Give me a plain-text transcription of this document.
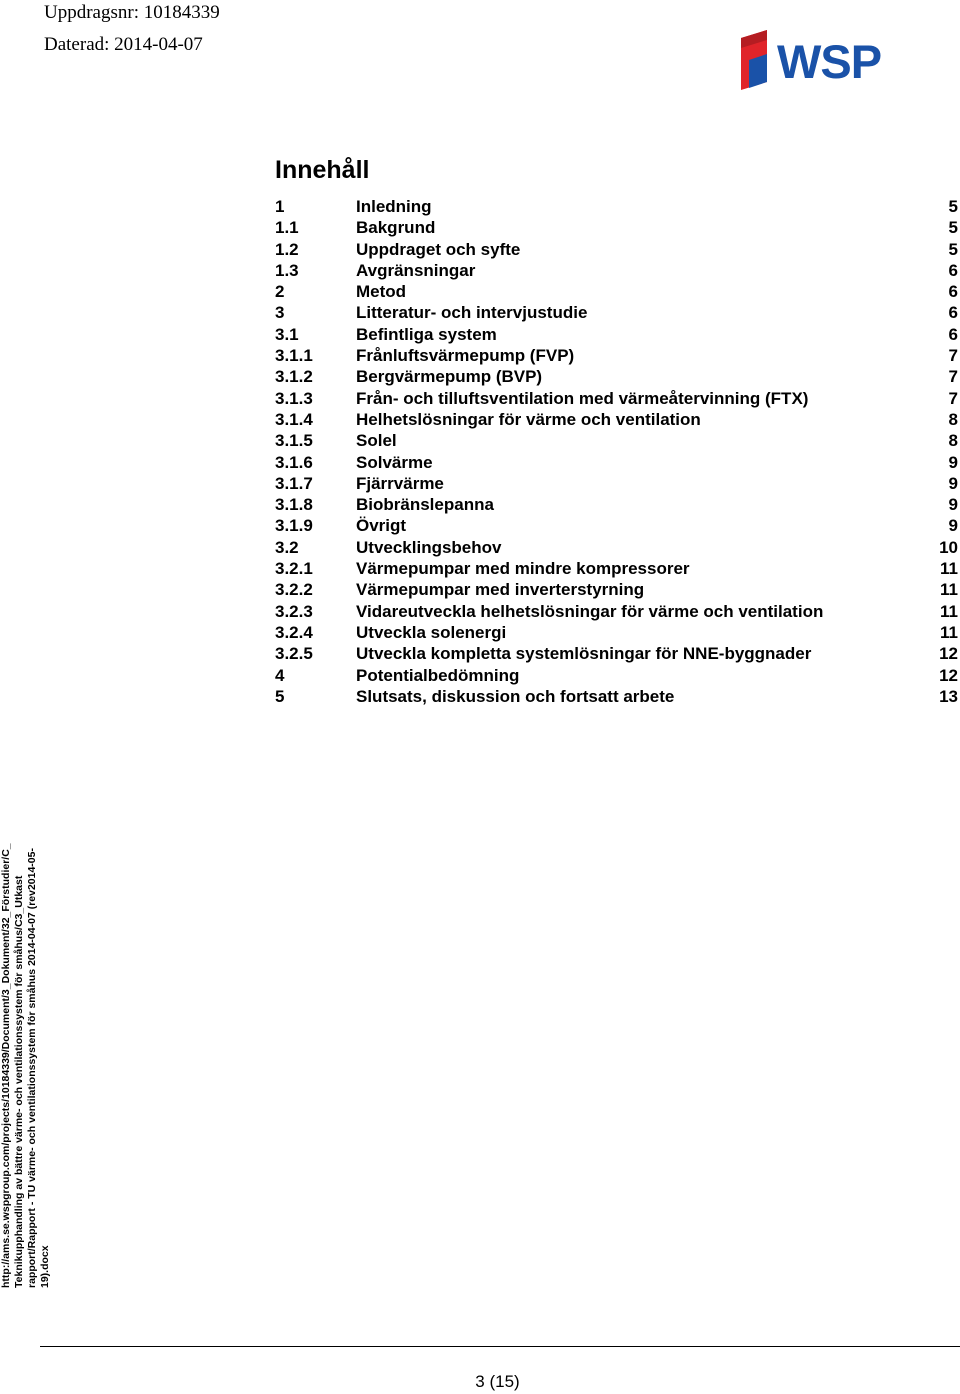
Uppdragsnr: 10184339
Daterad: 2014-04-07	WSP
Innehåll
1	Inledning	5
1.1	Bakgrund	5
1.2	Uppdraget och syfte	5
1.3	Avgränsningar	6
2	Metod	6
3	Litteratur- och intervjustudie	6
3.1	Befintliga system	6
3.1.1	Frånluftsvärmepump (FVP)	7
3.1.2	Bergvärmepump (BVP)	7
3.1.3	Från- och tilluftsventilation med värmeåtervinning (FTX)	7
3.1.4	Helhetslösningar för värme och ventilation	8
3.1.5	Solel	8
3.1.6	Solvärme	9
3.1.7	Fjärrvärme	9
3.1.8	Biobränslepanna	9
3.1.9	Övrigt	9
3.2	Utvecklingsbehov	10
3.2.1	Värmepumpar med mindre kompressorer	11
3.2.2	Värmepumpar med inverterstyrning	11
3.2.3	Vidareutveckla helhetslösningar för värme och ventilation	11
3.2.4	Utveckla solenergi	11
3.2.5	Utveckla kompletta systemlösningar för NNE-byggnader	12
4	Potentialbedömning	12
5	Slutsats, diskussion och fortsatt arbete	13
http://ams.se.wspgroup.com/projects/10184339/Document/3_Dokument/32_Förstudier/C_ Teknikupphandling av bättre värme- och ventilationssystem för småhus/C3_Utkast rapport/Rapport - TU värme- och ventilationssystem för småhus 2014-04-07 (rev2014-05- 19).docx
3 (15)
